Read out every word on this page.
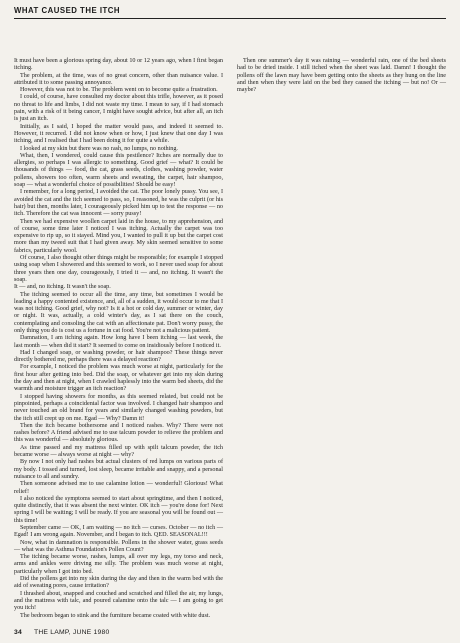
WHAT CAUSED THE ITCH

It must have been a glorious spring day, about 10 or 12 years ago, when I first began itching.

The problem, at the time, was of no great concern, other than nuisance value. I attributed it to some passing annoyance.

However, this was not to be. The problem went on to become quite a frustration.

I could, of course, have consulted my doctor about this trifle, however, as it posed no threat to life and limbs, I did not waste my time. I mean to say, if I had stomach pain, with a risk of it being cancer, I might have sought advice, but after all, an itch is just an itch.

Initially, as I said, I hoped the matter would pass, and indeed it seemed to. However, it recurred. I did not know when or how, I just knew that one day I was itching, and I realised that I had been doing it for quite a while.

I looked at my skin but there was no rash, no lumps, no nothing.

What, then, I wondered, could cause this pestilence? Itches are normally due to allergies, so perhaps I was allergic to something. Good grief — what? It could be thousands of things — food, the cat, grass seeds, clothes, washing powder, water pollens, showers too often, warm sheets and sweating, the carpet, hair shampoo, soap — what a wonderful choice of possibilities! Should be easy!

I remember, for a long period, I avoided the cat. The poor lonely pussy. You see, I avoided the cat and the itch seemed to pass, so, I reasoned, he was the culprit (or his hair) but then, months later, I courageously picked him up to test the response — no itch. Therefore the cat was innocent — sorry pussy!

Then we had expensive woollen carpet laid in the house, to my apprehension, and of course, some time later I noticed I was itching. Actually the carpet was too expensive to rip up, so it stayed. Mind you, I wanted to pull it up but the carpet cost more than my tweed suit that I had given away. My skin seemed sensitive to some fabrics, particularly wool.

Of course, I also thought other things might be responsible; for example I stopped using soap when I showered and this seemed to work, so I never used soap for about three years then one day, courageously, I tried it — and, no itching. It wasn't the soap.

It — and, no itching. It wasn't the soap.

The itching seemed to occur all the time, any time, but sometimes I would be leading a happy contented existence, and, all of a sudden, it would occur to me that I was not itching. Good grief, why not? Is it a hot or cold day, summer or winter, day or night. It was, actually, a cold winter's day, as I sat there on the couch, contemplating and consoling the cat with an affectionate pat. Don't worry pussy, the only thing you do is cost us a fortune in cat food. You're not a malicious patient.

Damnation, I am itching again. How long have I been itching — last week, the last month — when did it start? It seemed to come on insidiously before I noticed it.

Had I changed soap, or washing powder, or hair shampoo? These things never directly bothered me, perhaps there was a delayed reaction?

For example, I noticed the problem was much worse at night, particularly for the first hour after getting into bed. Did the soap, or whatever get into my skin during the day and then at night, when I crawled haplessly into the warm bed sheets, did the warmth and moisture trigger an itch reaction?

I stopped having showers for months, as this seemed related, but could not be pinpointed, perhaps a coincidental factor was involved. I changed hair shampoo and never touched an old brand for years and similarly changed washing powders, but the itch still crept up on me. Egad — Why? Damn it!

Then the itch became bothersome and I noticed rashes. Why? There were not rashes before? A friend advised me to use talcum powder to relieve the problem and this was wonderful — absolutely glorious.

As time passed and my mattress filled up with spilt talcum powder, the itch became worse — always worse at night — why?

By now I not only had rashes but actual clusters of red lumps on various parts of my body. I tossed and turned, lost sleep, became irritable and snappy, and a personal nuisance to all and sundry.

Then someone advised me to use calamine lotion — wonderful! Glorious! What relief!

I also noticed the symptoms seemed to start about springtime, and then I noticed, quite distinctly, that it was absent the next winter. OK itch — you're done for! Next spring I will be waiting; I will be ready. If you are seasonal you will be found out — this time!

September came — OK, I am waiting — no itch — curses. October — no itch — Egad! I am wrong again. November, and I began to itch. QED. SEASONAL!!!

Now, what in damnation is responsible. Pollens in the shower water, grass seeds — what was the Asthma Foundation's Pollen Count?

The itching became worse, rashes, lumps, all over my legs, my torso and neck, arms and ankles were driving me silly. The problem was much worse at night, particularly when I got into bed.

Did the pollens get into my skin during the day and then in the warm bed with the aid of sweating pores, cause irritation?

I thrashed about, snapped and couched and scratched and filled the air, my lungs, and the mattress with talc, and poured calamine onto the talc — I am going to get you itch!

The bedroom began to stink and the furniture became coated with white dust.

Then one summer's day it was raining — wonderful rain, one of the bed sheets had to be dried inside. I still itched when the sheet was laid. Damn! I thought the pollens off the lawn may have been getting onto the sheets as they hung on the line and then when they were laid on the bed they caused the itching — but no! Or — maybe?

34 THE LAMP, JUNE 1980
